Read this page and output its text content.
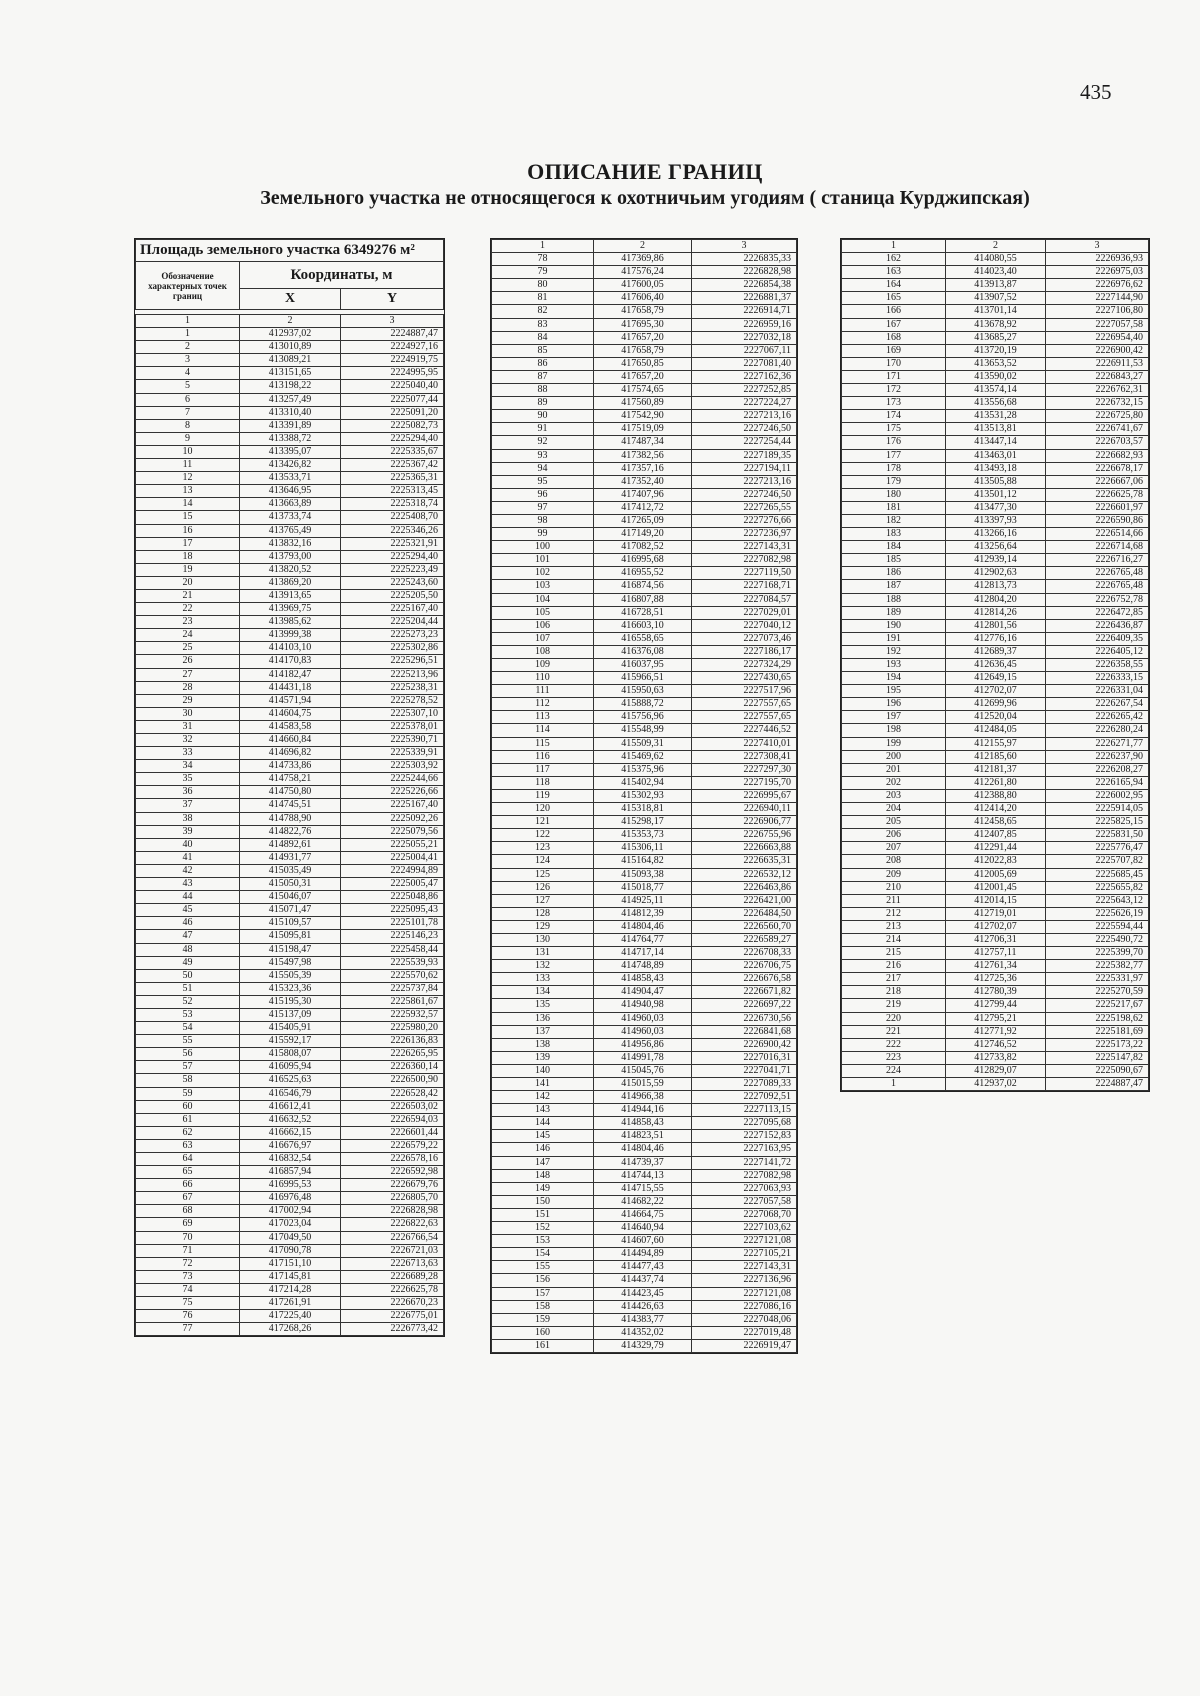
435
ОПИСАНИЕ ГРАНИЦ
Земельного участка не относящегося к охотничьим угодиям ( станица Курджипская)
Площадь земельного участка 6349276 м²		
Обозначение характерных точек границ	Координаты, м	
	X	Y
1	2	3
1	412937,02	2224887,47
2	413010,89	2224927,16
3	413089,21	2224919,75
4	413151,65	2224995,95
5	413198,22	2225040,40
6	413257,49	2225077,44
7	413310,40	2225091,20
8	413391,89	2225082,73
9	413388,72	2225294,40
10	413395,07	2225335,67
11	413426,82	2225367,42
12	413533,71	2225365,31
13	413646,95	2225313,45
14	413663,89	2225318,74
15	413733,74	2225408,70
16	413765,49	2225346,26
17	413832,16	2225321,91
18	413793,00	2225294,40
19	413820,52	2225223,49
20	413869,20	2225243,60
21	413913,65	2225205,50
22	413969,75	2225167,40
23	413985,62	2225204,44
24	413999,38	2225273,23
25	414103,10	2225302,86
26	414170,83	2225296,51
27	414182,47	2225213,96
28	414431,18	2225238,31
29	414571,94	2225278,52
30	414604,75	2225307,10
31	414583,58	2225378,01
32	414660,84	2225390,71
33	414696,82	2225339,91
34	414733,86	2225303,92
35	414758,21	2225244,66
36	414750,80	2225226,66
37	414745,51	2225167,40
38	414788,90	2225092,26
39	414822,76	2225079,56
40	414892,61	2225055,21
41	414931,77	2225004,41
42	415035,49	2224994,89
43	415050,31	2225005,47
44	415046,07	2225048,86
45	415071,47	2225095,43
46	415109,57	2225101,78
47	415095,81	2225146,23
48	415198,47	2225458,44
49	415497,98	2225539,93
50	415505,39	2225570,62
51	415323,36	2225737,84
52	415195,30	2225861,67
53	415137,09	2225932,57
54	415405,91	2225980,20
55	415592,17	2226136,83
56	415808,07	2226265,95
57	416095,94	2226360,14
58	416525,63	2226500,90
59	416546,79	2226528,42
60	416612,41	2226503,02
61	416632,52	2226594,03
62	416662,15	2226601,44
63	416676,97	2226579,22
64	416832,54	2226578,16
65	416857,94	2226592,98
66	416995,53	2226679,76
67	416976,48	2226805,70
68	417002,94	2226828,98
69	417023,04	2226822,63
70	417049,50	2226766,54
71	417090,78	2226721,03
72	417151,10	2226713,63
73	417145,81	2226689,28
74	417214,28	2226625,78
75	417261,91	2226670,23
76	417225,40	2226775,01
77	417268,26	2226773,42
1	2	3
78	417369,86	2226835,33
79	417576,24	2226828,98
80	417600,05	2226854,38
81	417606,40	2226881,37
82	417658,79	2226914,71
83	417695,30	2226959,16
84	417657,20	2227032,18
85	417658,79	2227067,11
86	417650,85	2227081,40
87	417657,20	2227162,36
88	417574,65	2227252,85
89	417560,89	2227224,27
90	417542,90	2227213,16
91	417519,09	2227246,50
92	417487,34	2227254,44
93	417382,56	2227189,35
94	417357,16	2227194,11
95	417352,40	2227213,16
96	417407,96	2227246,50
97	417412,72	2227265,55
98	417265,09	2227276,66
99	417149,20	2227236,97
100	417082,52	2227143,31
101	416995,68	2227082,98
102	416955,52	2227119,50
103	416874,56	2227168,71
104	416807,88	2227084,57
105	416728,51	2227029,01
106	416603,10	2227040,12
107	416558,65	2227073,46
108	416376,08	2227186,17
109	416037,95	2227324,29
110	415966,51	2227430,65
111	415950,63	2227517,96
112	415888,72	2227557,65
113	415756,96	2227557,65
114	415548,99	2227446,52
115	415509,31	2227410,01
116	415469,62	2227308,41
117	415375,96	2227297,30
118	415402,94	2227195,70
119	415302,93	2226995,67
120	415318,81	2226940,11
121	415298,17	2226906,77
122	415353,73	2226755,96
123	415306,11	2226663,88
124	415164,82	2226635,31
125	415093,38	2226532,12
126	415018,77	2226463,86
127	414925,11	2226421,00
128	414812,39	2226484,50
129	414804,46	2226560,70
130	414764,77	2226589,27
131	414717,14	2226708,33
132	414748,89	2226706,75
133	414858,43	2226676,58
134	414904,47	2226671,82
135	414940,98	2226697,22
136	414960,03	2226730,56
137	414960,03	2226841,68
138	414956,86	2226900,42
139	414991,78	2227016,31
140	415045,76	2227041,71
141	415015,59	2227089,33
142	414966,38	2227092,51
143	414944,16	2227113,15
144	414858,43	2227095,68
145	414823,51	2227152,83
146	414804,46	2227163,95
147	414739,37	2227141,72
148	414744,13	2227082,98
149	414715,55	2227063,93
150	414682,22	2227057,58
151	414664,75	2227068,70
152	414640,94	2227103,62
153	414607,60	2227121,08
154	414494,89	2227105,21
155	414477,43	2227143,31
156	414437,74	2227136,96
157	414423,45	2227121,08
158	414426,63	2227086,16
159	414383,77	2227048,06
160	414352,02	2227019,48
161	414329,79	2226919,47
1	2	3
162	414080,55	2226936,93
163	414023,40	2226975,03
164	413913,87	2226976,62
165	413907,52	2227144,90
166	413701,14	2227106,80
167	413678,92	2227057,58
168	413685,27	2226954,40
169	413720,19	2226900,42
170	413653,52	2226911,53
171	413590,02	2226843,27
172	413574,14	2226762,31
173	413556,68	2226732,15
174	413531,28	2226725,80
175	413513,81	2226741,67
176	413447,14	2226703,57
177	413463,01	2226682,93
178	413493,18	2226678,17
179	413505,88	2226667,06
180	413501,12	2226625,78
181	413477,30	2226601,97
182	413397,93	2226590,86
183	413266,16	2226514,66
184	413256,64	2226714,68
185	412939,14	2226716,27
186	412902,63	2226765,48
187	412813,73	2226765,48
188	412804,20	2226752,78
189	412814,26	2226472,85
190	412801,56	2226436,87
191	412776,16	2226409,35
192	412689,37	2226405,12
193	412636,45	2226358,55
194	412649,15	2226333,15
195	412702,07	2226331,04
196	412699,96	2226267,54
197	412520,04	2226265,42
198	412484,05	2226280,24
199	412155,97	2226271,77
200	412185,60	2226237,90
201	412181,37	2226208,27
202	412261,80	2226165,94
203	412388,80	2226002,95
204	412414,20	2225914,05
205	412458,65	2225825,15
206	412407,85	2225831,50
207	412291,44	2225776,47
208	412022,83	2225707,82
209	412005,69	2225685,45
210	412001,45	2225655,82
211	412014,15	2225643,12
212	412719,01	2225626,19
213	412702,07	2225594,44
214	412706,31	2225490,72
215	412757,11	2225399,70
216	412761,34	2225382,77
217	412725,36	2225331,97
218	412780,39	2225270,59
219	412799,44	2225217,67
220	412795,21	2225198,62
221	412771,92	2225181,69
222	412746,52	2225173,22
223	412733,82	2225147,82
224	412829,07	2225090,67
1	412937,02	2224887,47
